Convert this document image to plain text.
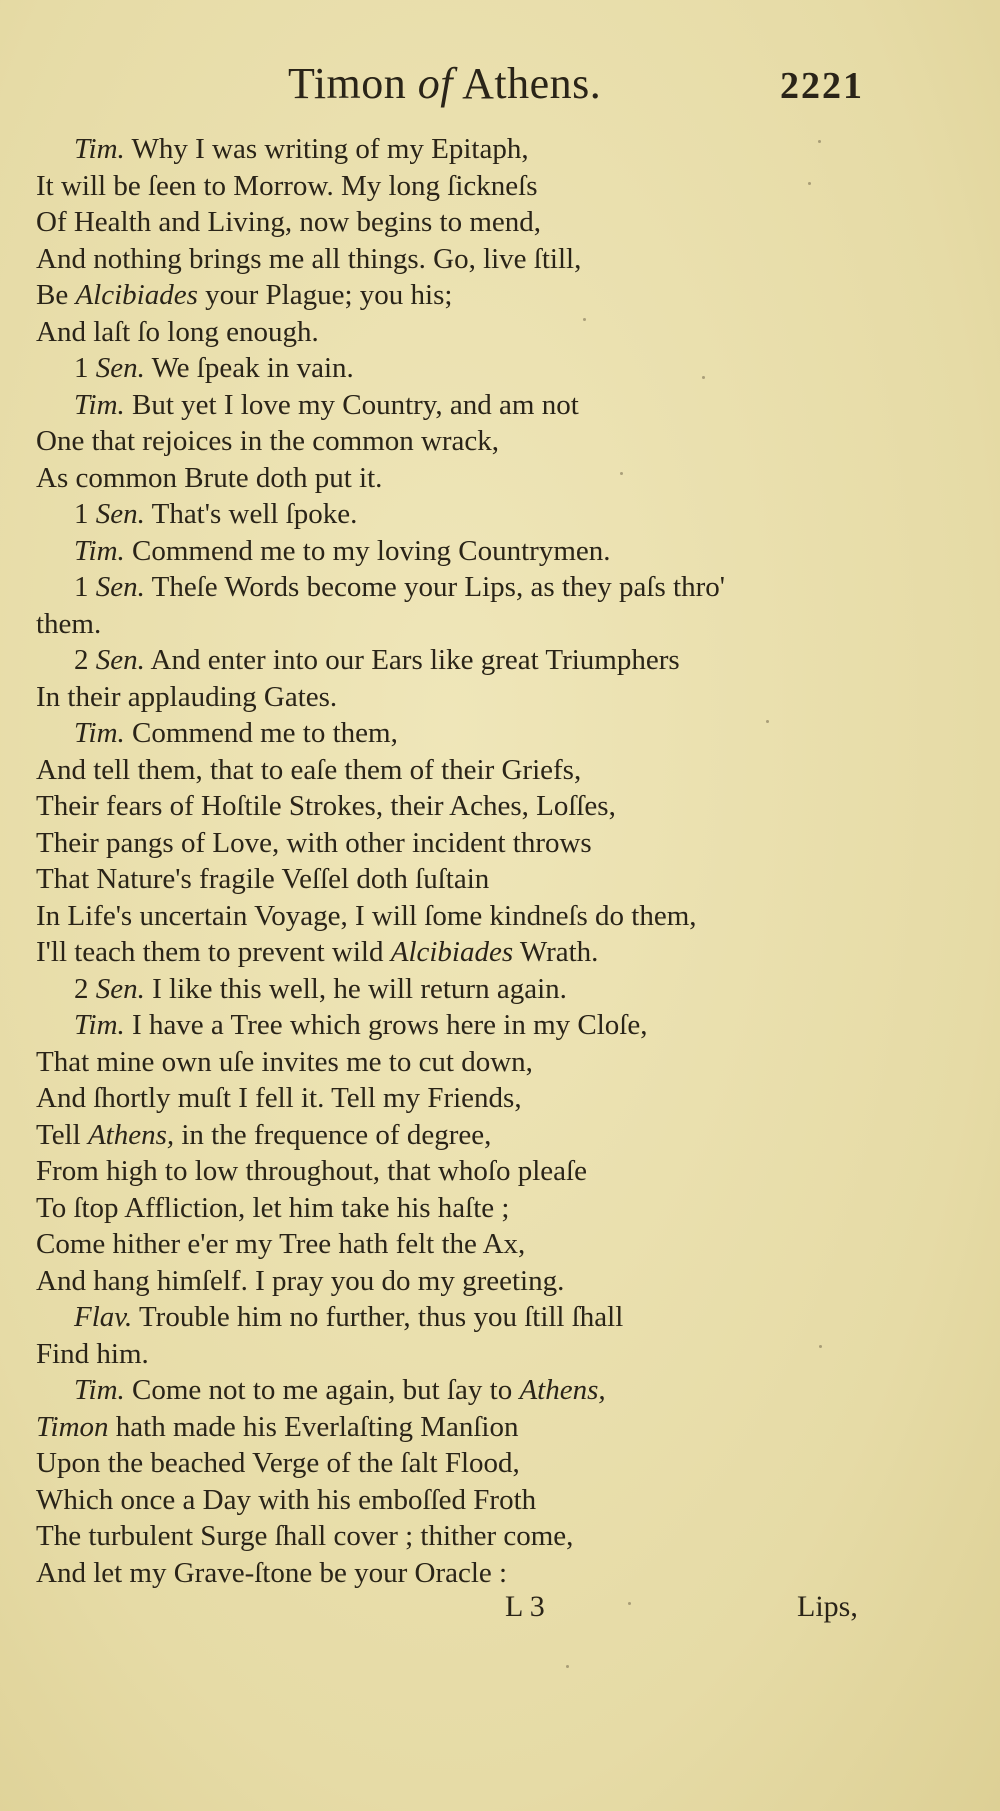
Timon of Athens.	2221
Tim. Why I was writing of my Epitaph,
It will be ſeen to Morrow. My long ſickneſs
Of Health and Living, now begins to mend,
And nothing brings me all things. Go, live ſtill,
Be Alcibiades your Plague; you his;
And laſt ſo long enough.
1 Sen. We ſpeak in vain.
Tim. But yet I love my Country, and am not
One that rejoices in the common wrack,
As common Brute doth put it.
1 Sen. That's well ſpoke.
Tim. Commend me to my loving Countrymen.
1 Sen. Theſe Words become your Lips, as they paſs thro'
them.
2 Sen. And enter into our Ears like great Triumphers
In their applauding Gates.
Tim. Commend me to them,
And tell them, that to eaſe them of their Griefs,
Their fears of Hoſtile Strokes, their Aches, Loſſes,
Their pangs of Love, with other incident throws
That Nature's fragile Veſſel doth ſuſtain
In Life's uncertain Voyage, I will ſome kindneſs do them,
I'll teach them to prevent wild Alcibiades Wrath.
2 Sen. I like this well, he will return again.
Tim. I have a Tree which grows here in my Cloſe,
That mine own uſe invites me to cut down,
And ſhortly muſt I fell it. Tell my Friends,
Tell Athens, in the frequence of degree,
From high to low throughout, that whoſo pleaſe
To ſtop Affliction, let him take his haſte ;
Come hither e'er my Tree hath felt the Ax,
And hang himſelf. I pray you do my greeting.
Flav. Trouble him no further, thus you ſtill ſhall
Find him.
Tim. Come not to me again, but ſay to Athens,
Timon hath made his Everlaſting Manſion
Upon the beached Verge of the ſalt Flood,
Which once a Day with his emboſſed Froth
The turbulent Surge ſhall cover ; thither come,
And let my Grave-ſtone be your Oracle :
L 3	Lips,
